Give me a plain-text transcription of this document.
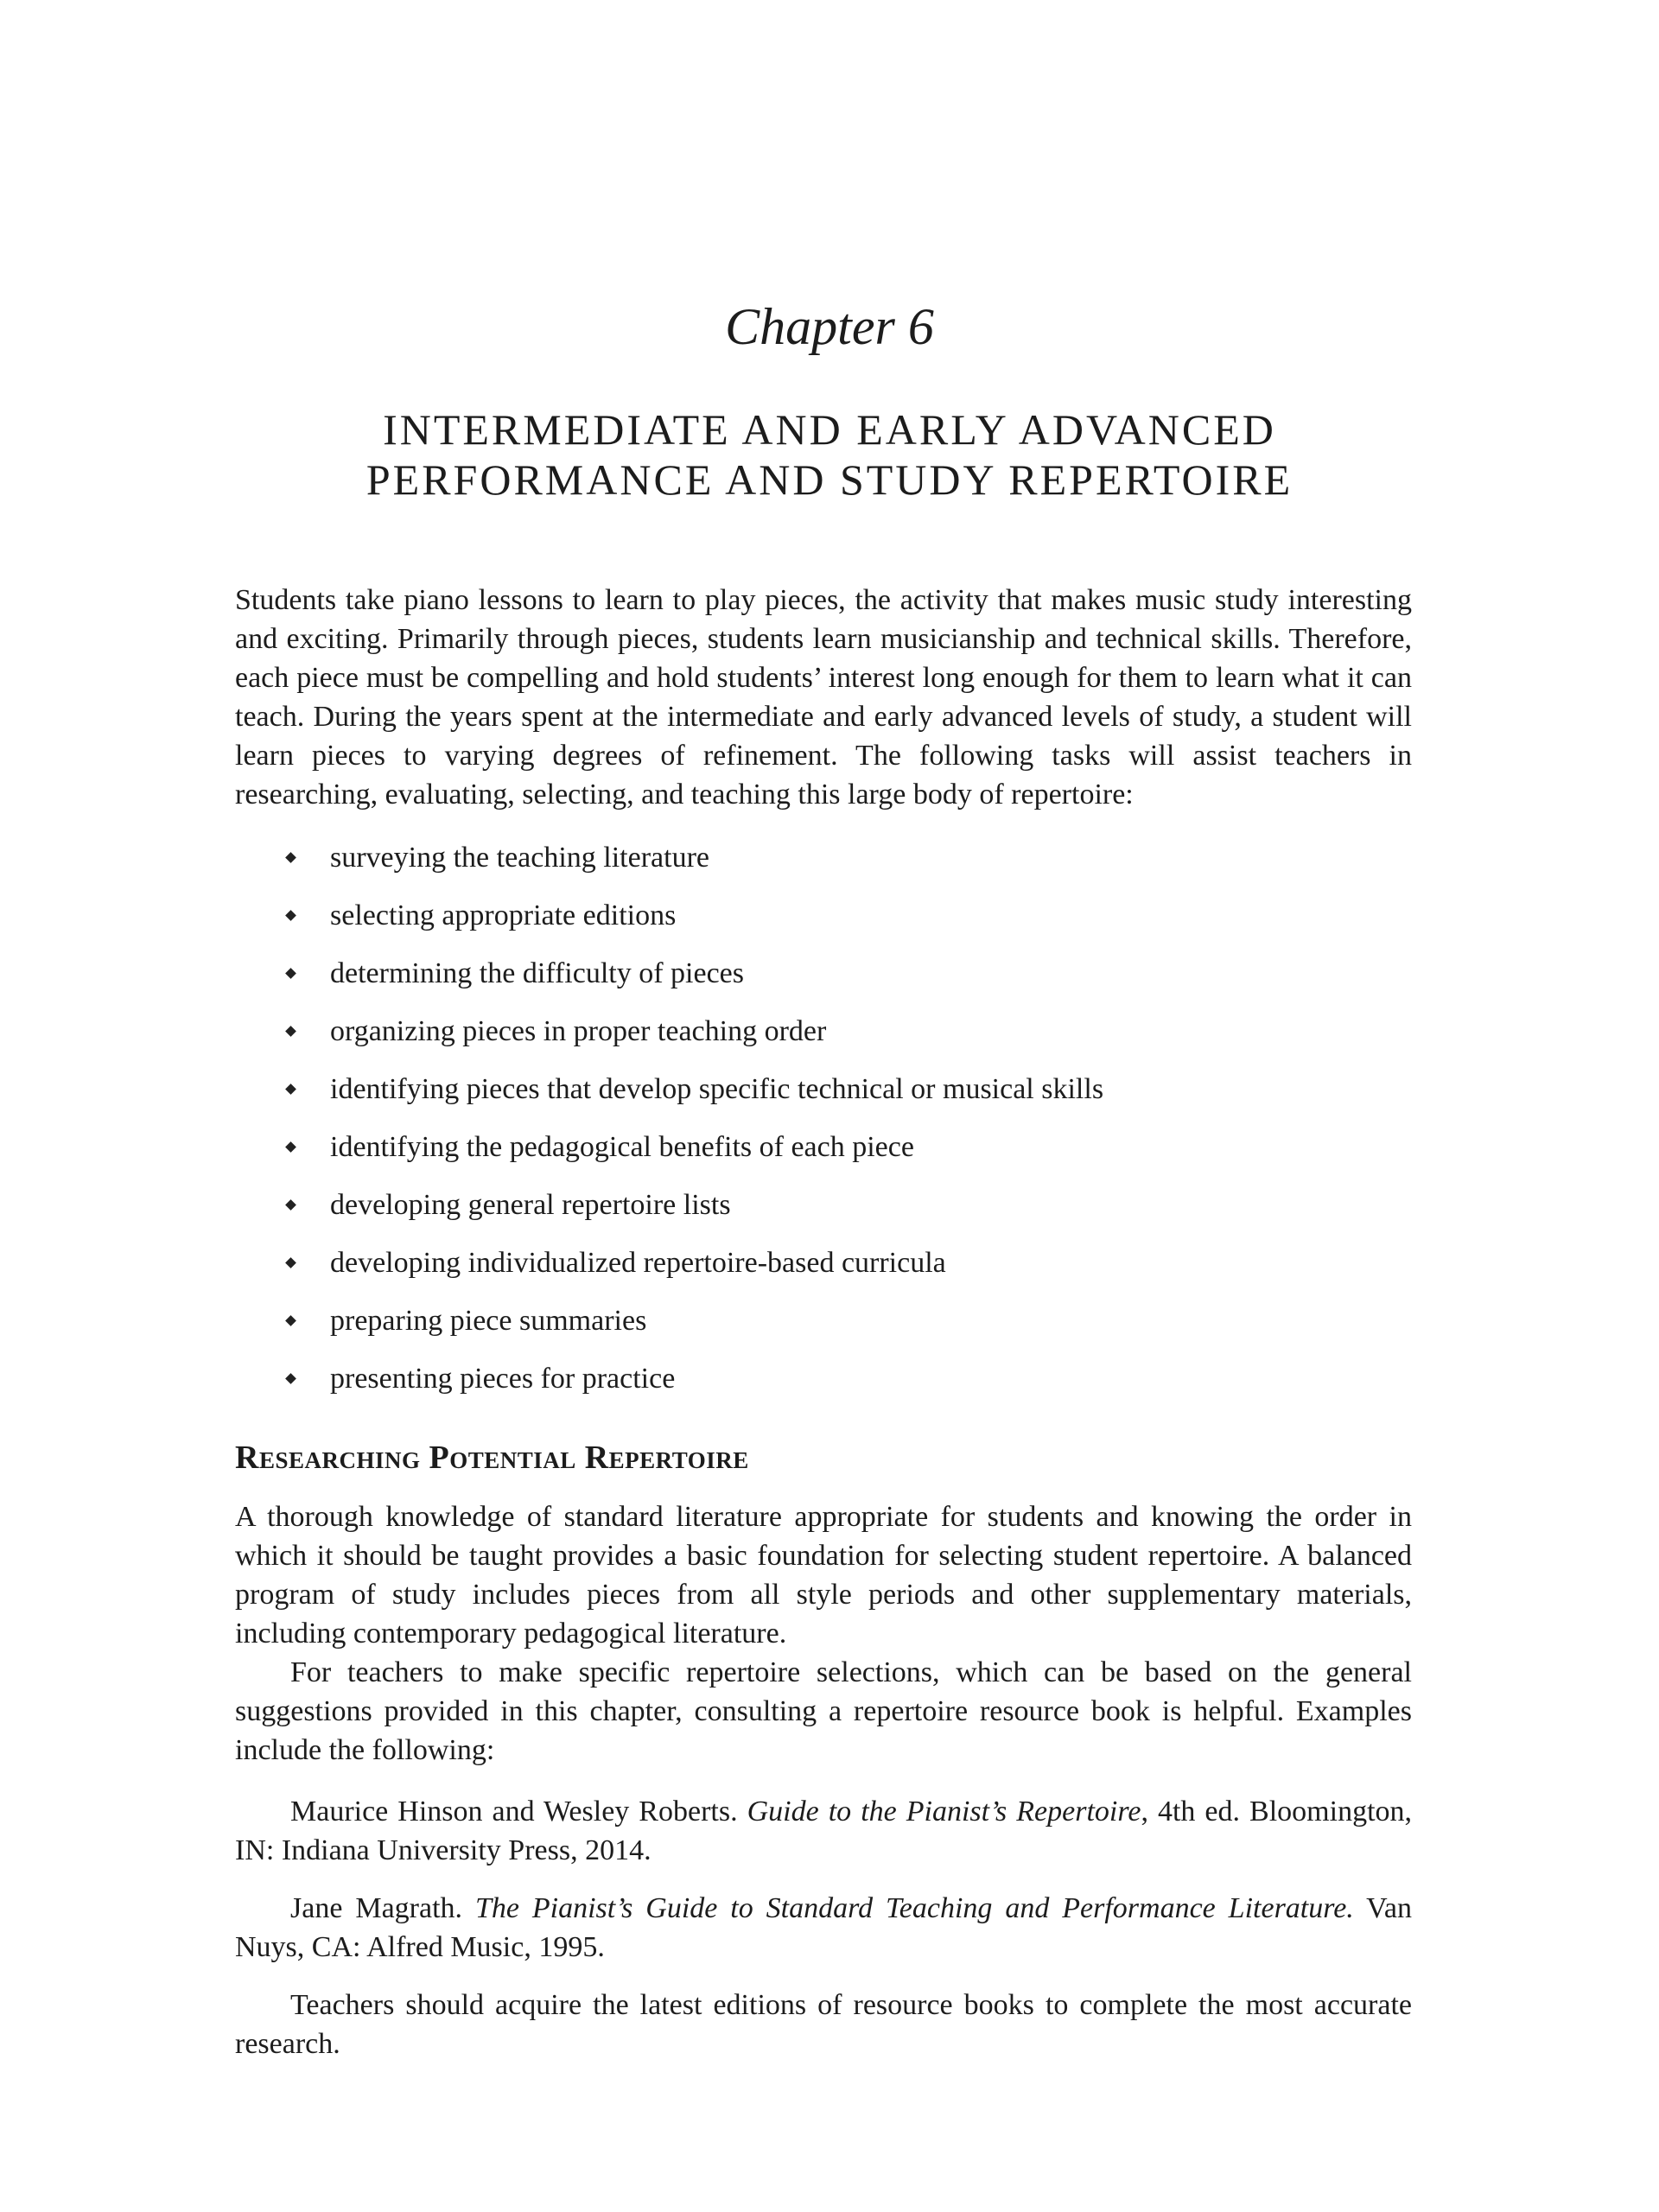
Chapter 6
INTERMEDIATE AND EARLY ADVANCED
PERFORMANCE AND STUDY REPERTOIRE

Students take piano lessons to learn to play pieces, the activity that makes music study interesting and exciting. Primarily through pieces, students learn musicianship and technical skills. Therefore, each piece must be compelling and hold students’ interest long enough for them to learn what it can teach. During the years spent at the intermediate and early advanced levels of study, a student will learn pieces to varying degrees of refinement. The following tasks will assist teachers in researching, evaluating, selecting, and teaching this large body of repertoire:

surveying the teaching literature
selecting appropriate editions
determining the difficulty of pieces
organizing pieces in proper teaching order
identifying pieces that develop specific technical or musical skills
identifying the pedagogical benefits of each piece
developing general repertoire lists
developing individualized repertoire-based curricula
preparing piece summaries
presenting pieces for practice
Researching Potential Repertoire

A thorough knowledge of standard literature appropriate for students and knowing the order in which it should be taught provides a basic foundation for selecting student repertoire. A balanced program of study includes pieces from all style periods and other supplementary materials, including contemporary pedagogical literature.

For teachers to make specific repertoire selections, which can be based on the general suggestions provided in this chapter, consulting a repertoire resource book is helpful. Examples include the following:

Maurice Hinson and Wesley Roberts. Guide to the Pianist’s Repertoire, 4th ed. Bloomington, IN: Indiana University Press, 2014.

Jane Magrath. The Pianist’s Guide to Standard Teaching and Performance Literature. Van Nuys, CA: Alfred Music, 1995.

Teachers should acquire the latest editions of resource books to complete the most accurate research.
